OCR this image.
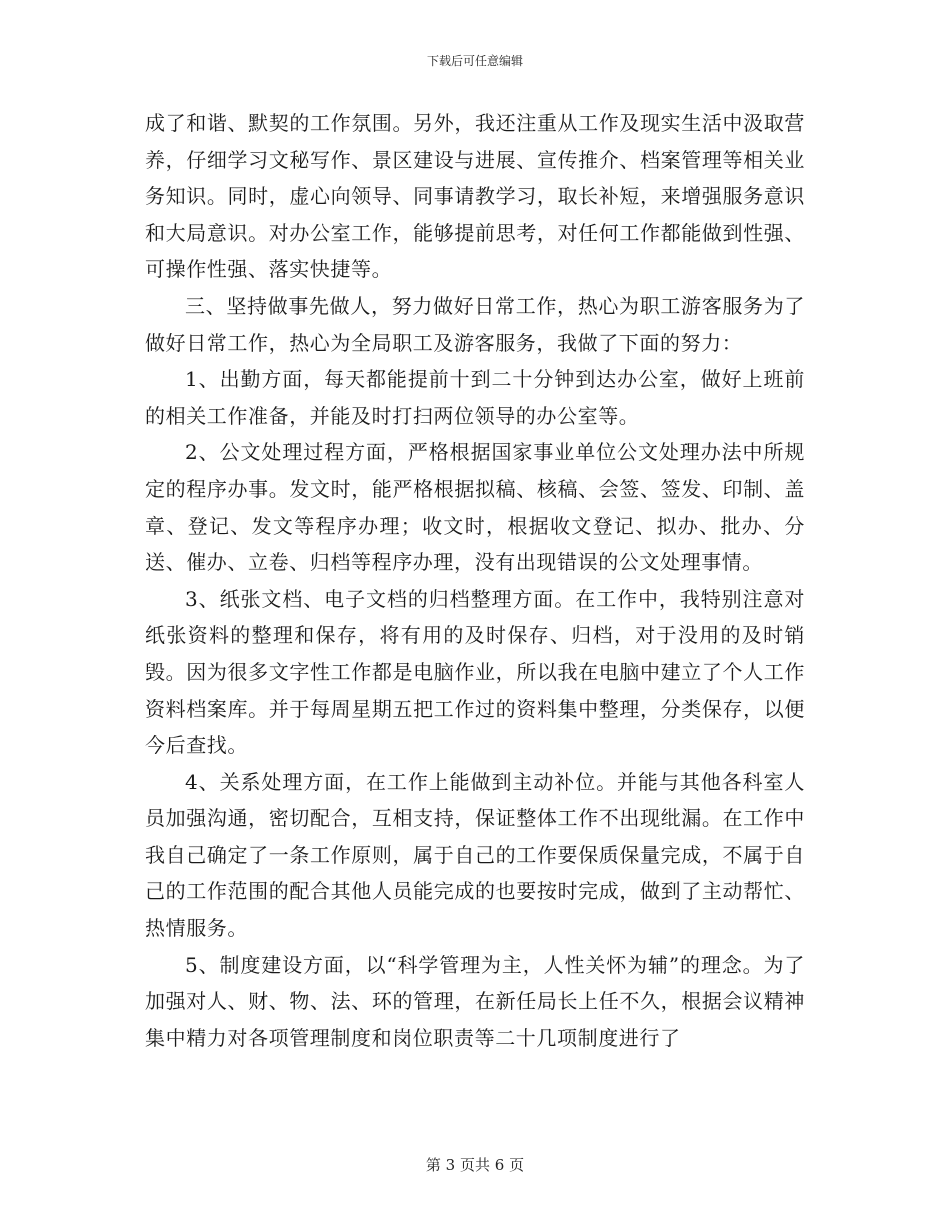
下载后可任意编辑

成了和谐、默契的工作氛围。另外，我还注重从工作及现实生活中汲取营养，仔细学习文秘写作、景区建设与进展、宣传推介、档案管理等相关业务知识。同时，虚心向领导、同事请教学习，取长补短，来增强服务意识和大局意识。对办公室工作，能够提前思考，对任何工作都能做到性强、可操作性强、落实快捷等。

三、坚持做事先做人，努力做好日常工作，热心为职工游客服务为了做好日常工作，热心为全局职工及游客服务，我做了下面的努力：

1、出勤方面，每天都能提前十到二十分钟到达办公室，做好上班前的相关工作准备，并能及时打扫两位领导的办公室等。

2、公文处理过程方面，严格根据国家事业单位公文处理办法中所规定的程序办事。发文时，能严格根据拟稿、核稿、会签、签发、印制、盖章、登记、发文等程序办理；收文时，根据收文登记、拟办、批办、分送、催办、立卷、归档等程序办理，没有出现错误的公文处理事情。

3、纸张文档、电子文档的归档整理方面。在工作中，我特别注意对纸张资料的整理和保存，将有用的及时保存、归档，对于没用的及时销毁。因为很多文字性工作都是电脑作业，所以我在电脑中建立了个人工作资料档案库。并于每周星期五把工作过的资料集中整理，分类保存，以便今后查找。

4、关系处理方面，在工作上能做到主动补位。并能与其他各科室人员加强沟通，密切配合，互相支持，保证整体工作不出现纰漏。在工作中我自己确定了一条工作原则，属于自己的工作要保质保量完成，不属于自己的工作范围的配合其他人员能完成的也要按时完成，做到了主动帮忙、热情服务。

5、制度建设方面，以“科学管理为主，人性关怀为辅”的理念。为了加强对人、财、物、法、环的管理，在新任局长上任不久，根据会议精神集中精力对各项管理制度和岗位职责等二十几项制度进行了

第 3 页共 6 页
